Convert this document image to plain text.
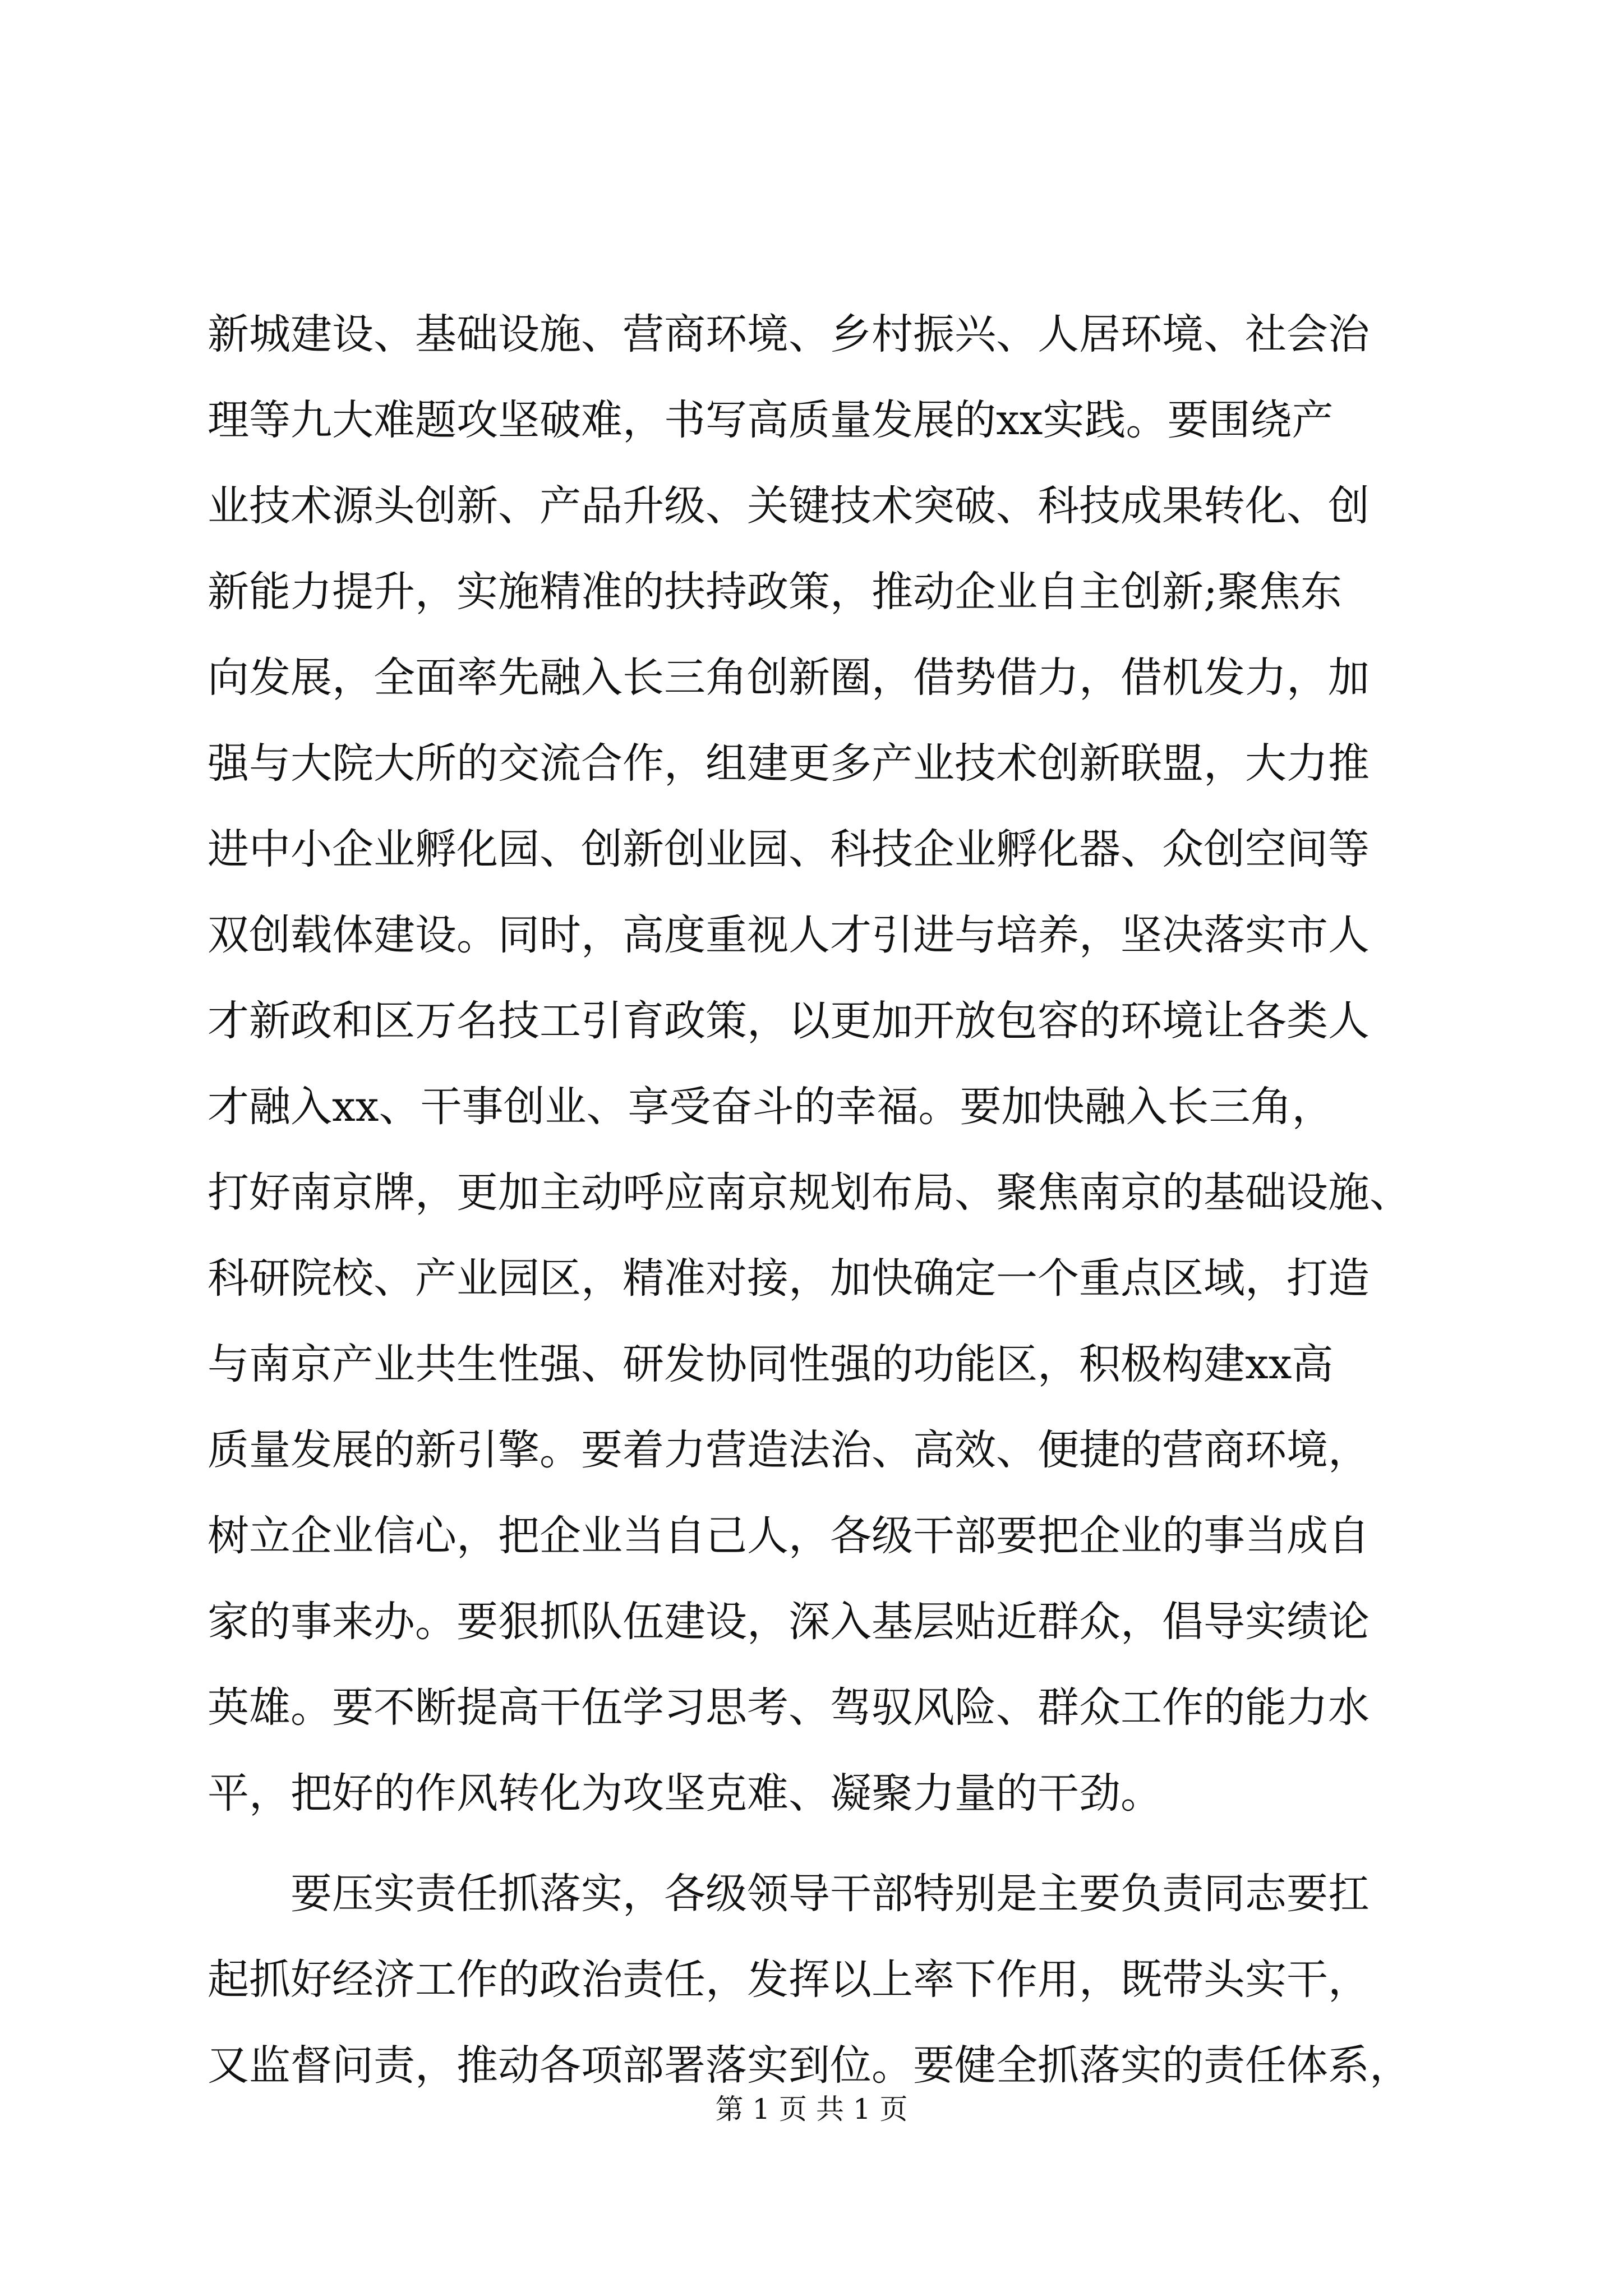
新城建设、基础设施、营商环境、乡村振兴、人居环境、社会治
理等九大难题攻坚破难，书写高质量发展的xx实践。要围绕产
业技术源头创新、产品升级、关键技术突破、科技成果转化、创
新能力提升，实施精准的扶持政策，推动企业自主创新;聚焦东
向发展，全面率先融入长三角创新圈，借势借力，借机发力，加
强与大院大所的交流合作，组建更多产业技术创新联盟，大力推
进中小企业孵化园、创新创业园、科技企业孵化器、众创空间等
双创载体建设。同时，高度重视人才引进与培养，坚决落实市人
才新政和区万名技工引育政策，以更加开放包容的环境让各类人
才融入xx、干事创业、享受奋斗的幸福。要加快融入长三角，
打好南京牌，更加主动呼应南京规划布局、聚焦南京的基础设施、
科研院校、产业园区，精准对接，加快确定一个重点区域，打造
与南京产业共生性强、研发协同性强的功能区，积极构建xx高
质量发展的新引擎。要着力营造法治、高效、便捷的营商环境，
树立企业信心，把企业当自己人，各级干部要把企业的事当成自
家的事来办。要狠抓队伍建设，深入基层贴近群众，倡导实绩论
英雄。要不断提高干伍学习思考、驾驭风险、群众工作的能力水
平，把好的作风转化为攻坚克难、凝聚力量的干劲。
　　要压实责任抓落实，各级领导干部特别是主要负责同志要扛
起抓好经济工作的政治责任，发挥以上率下作用，既带头实干，
又监督问责，推动各项部署落实到位。要健全抓落实的责任体系，
第 1 页 共 1 页
